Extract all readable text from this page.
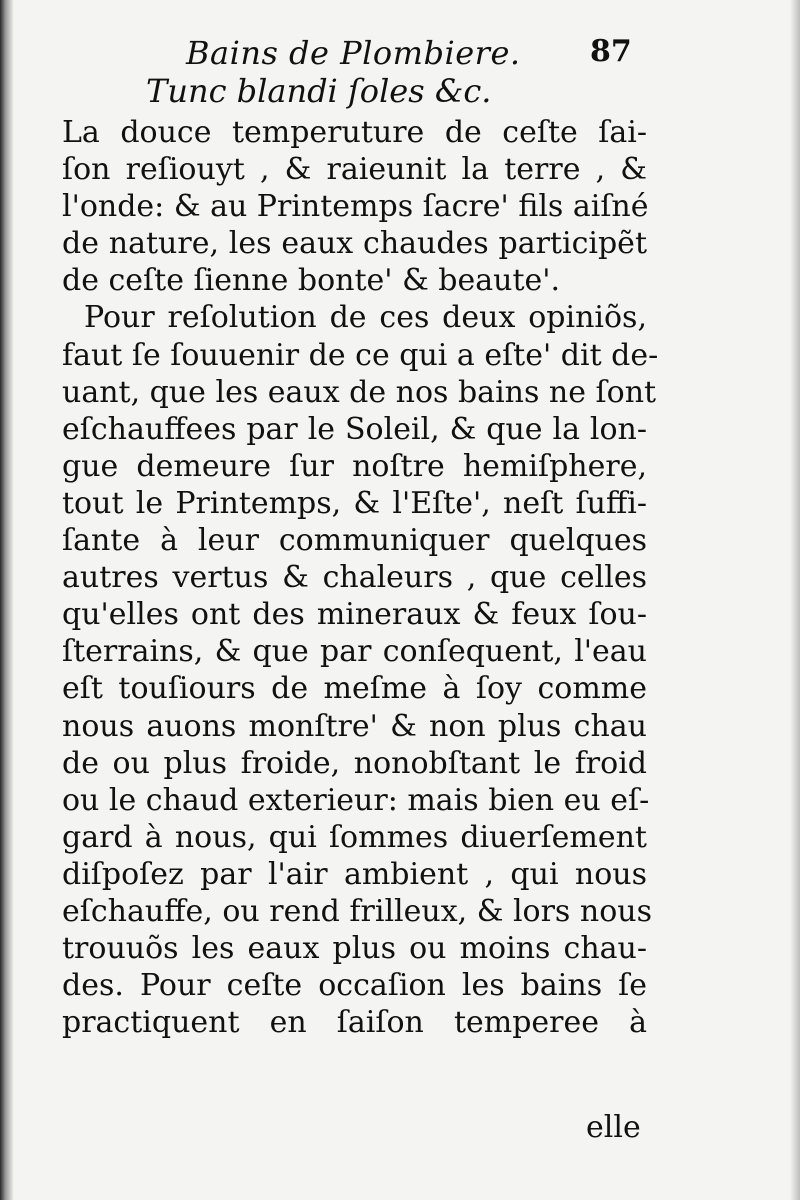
Bains de Plombiere. 87
Tunc blandi ſoles &c.
La douce temperuture de ceſte ſai-
ſon reſiouyt , & raieunit la terre , &
l'onde: & au Printemps ſacre' fils aiſné
de nature, les eaux chaudes participẽt
de ceſte ſienne bonte' & beaute'.
Pour reſolution de ces deux opiniõs,
faut ſe ſouuenir de ce qui a eſte' dit de-
uant, que les eaux de nos bains ne ſont
eſchauffees par le Soleil, & que la lon-
gue demeure ſur noſtre hemiſphere,
tout le Printemps, & l'Eſte', neſt ſuffi-
ſante à leur communiquer quelques
autres vertus & chaleurs , que celles
qu'elles ont des mineraux & feux ſou-
ſterrains, & que par conſequent, l'eau
eſt touſiours de meſme à ſoy comme
nous auons monſtre' & non plus chau
de ou plus froide, nonobſtant le froid
ou le chaud exterieur: mais bien eu eſ-
gard à nous, qui ſommes diuerſement
diſpoſez par l'air ambient , qui nous
eſchauffe, ou rend frilleux, & lors nous
trouuõs les eaux plus ou moins chau-
des. Pour ceſte occaſion les bains ſe
practiquent en ſaiſon temperee à
elle
